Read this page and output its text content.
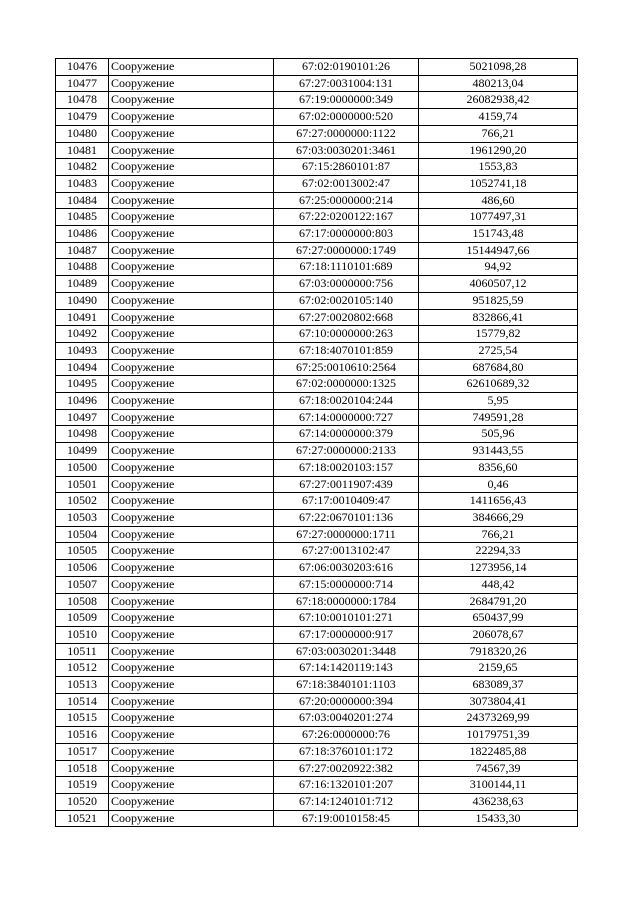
10476	Сооружение	67:02:0190101:26	5021098,28
10477	Сооружение	67:27:0031004:131	480213,04
10478	Сооружение	67:19:0000000:349	26082938,42
10479	Сооружение	67:02:0000000:520	4159,74
10480	Сооружение	67:27:0000000:1122	766,21
10481	Сооружение	67:03:0030201:3461	1961290,20
10482	Сооружение	67:15:2860101:87	1553,83
10483	Сооружение	67:02:0013002:47	1052741,18
10484	Сооружение	67:25:0000000:214	486,60
10485	Сооружение	67:22:0200122:167	1077497,31
10486	Сооружение	67:17:0000000:803	151743,48
10487	Сооружение	67:27:0000000:1749	15144947,66
10488	Сооружение	67:18:1110101:689	94,92
10489	Сооружение	67:03:0000000:756	4060507,12
10490	Сооружение	67:02:0020105:140	951825,59
10491	Сооружение	67:27:0020802:668	832866,41
10492	Сооружение	67:10:0000000:263	15779,82
10493	Сооружение	67:18:4070101:859	2725,54
10494	Сооружение	67:25:0010610:2564	687684,80
10495	Сооружение	67:02:0000000:1325	62610689,32
10496	Сооружение	67:18:0020104:244	5,95
10497	Сооружение	67:14:0000000:727	749591,28
10498	Сооружение	67:14:0000000:379	505,96
10499	Сооружение	67:27:0000000:2133	931443,55
10500	Сооружение	67:18:0020103:157	8356,60
10501	Сооружение	67:27:0011907:439	0,46
10502	Сооружение	67:17:0010409:47	1411656,43
10503	Сооружение	67:22:0670101:136	384666,29
10504	Сооружение	67:27:0000000:1711	766,21
10505	Сооружение	67:27:0013102:47	22294,33
10506	Сооружение	67:06:0030203:616	1273956,14
10507	Сооружение	67:15:0000000:714	448,42
10508	Сооружение	67:18:0000000:1784	2684791,20
10509	Сооружение	67:10:0010101:271	650437,99
10510	Сооружение	67:17:0000000:917	206078,67
10511	Сооружение	67:03:0030201:3448	7918320,26
10512	Сооружение	67:14:1420119:143	2159,65
10513	Сооружение	67:18:3840101:1103	683089,37
10514	Сооружение	67:20:0000000:394	3073804,41
10515	Сооружение	67:03:0040201:274	24373269,99
10516	Сооружение	67:26:0000000:76	10179751,39
10517	Сооружение	67:18:3760101:172	1822485,88
10518	Сооружение	67:27:0020922:382	74567,39
10519	Сооружение	67:16:1320101:207	3100144,11
10520	Сооружение	67:14:1240101:712	436238,63
10521	Сооружение	67:19:0010158:45	15433,30
